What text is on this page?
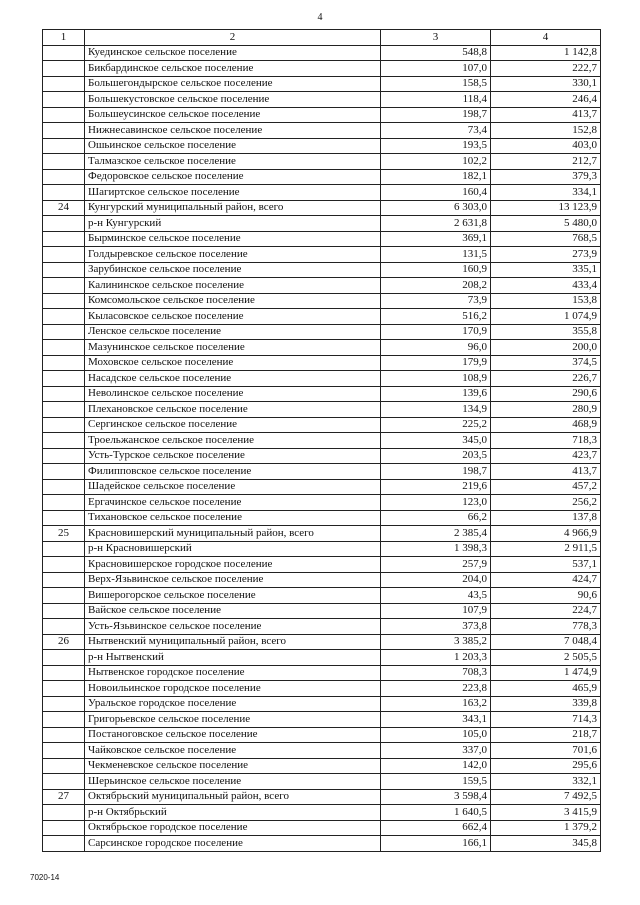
4
1	2	3	4
	Куединское сельское поселение	548,8	1 142,8
	Бикбардинское сельское поселение	107,0	222,7
	Большегондырское сельское поселение	158,5	330,1
	Большекустовское сельское поселение	118,4	246,4
	Большеусинское сельское поселение	198,7	413,7
	Нижнесавинское сельское поселение	73,4	152,8
	Ошьинское сельское поселение	193,5	403,0
	Талмазское сельское поселение	102,2	212,7
	Федоровское сельское поселение	182,1	379,3
	Шагиртское сельское поселение	160,4	334,1
24	Кунгурский муниципальный район, всего	6 303,0	13 123,9
	р-н Кунгурский	2 631,8	5 480,0
	Бырминское сельское поселение	369,1	768,5
	Голдыревское сельское поселение	131,5	273,9
	Зарубинское сельское поселение	160,9	335,1
	Калининское сельское поселение	208,2	433,4
	Комсомольское сельское поселение	73,9	153,8
	Кыласовское сельское поселение	516,2	1 074,9
	Ленское сельское поселение	170,9	355,8
	Мазунинское сельское поселение	96,0	200,0
	Моховское сельское поселение	179,9	374,5
	Насадское сельское поселение	108,9	226,7
	Неволинское сельское поселение	139,6	290,6
	Плехановское сельское поселение	134,9	280,9
	Сергинское сельское поселение	225,2	468,9
	Троельжанское сельское поселение	345,0	718,3
	Усть-Турское сельское поселение	203,5	423,7
	Филипповское сельское поселение	198,7	413,7
	Шадейское сельское поселение	219,6	457,2
	Ергачинское сельское поселение	123,0	256,2
	Тихановское сельское поселение	66,2	137,8
25	Красновишерский муниципальный район, всего	2 385,4	4 966,9
	р-н Красновишерский	1 398,3	2 911,5
	Красновишерское городское поселение	257,9	537,1
	Верх-Язьвинское сельское поселение	204,0	424,7
	Вишерогорское сельское поселение	43,5	90,6
	Вайское сельское поселение	107,9	224,7
	Усть-Язьвинское сельское поселение	373,8	778,3
26	Нытвенский муниципальный район, всего	3 385,2	7 048,4
	р-н Нытвенский	1 203,3	2 505,5
	Нытвенское городское поселение	708,3	1 474,9
	Новоильинское городское поселение	223,8	465,9
	Уральское городское поселение	163,2	339,8
	Григорьевское сельское поселение	343,1	714,3
	Постаноговское сельское поселение	105,0	218,7
	Чайковское сельское поселение	337,0	701,6
	Чекменевское сельское поселение	142,0	295,6
	Шерьинское сельское поселение	159,5	332,1
27	Октябрьский муниципальный район, всего	3 598,4	7 492,5
	р-н Октябрьский	1 640,5	3 415,9
	Октябрьское городское поселение	662,4	1 379,2
	Сарсинское городское поселение	166,1	345,8
7020-14
